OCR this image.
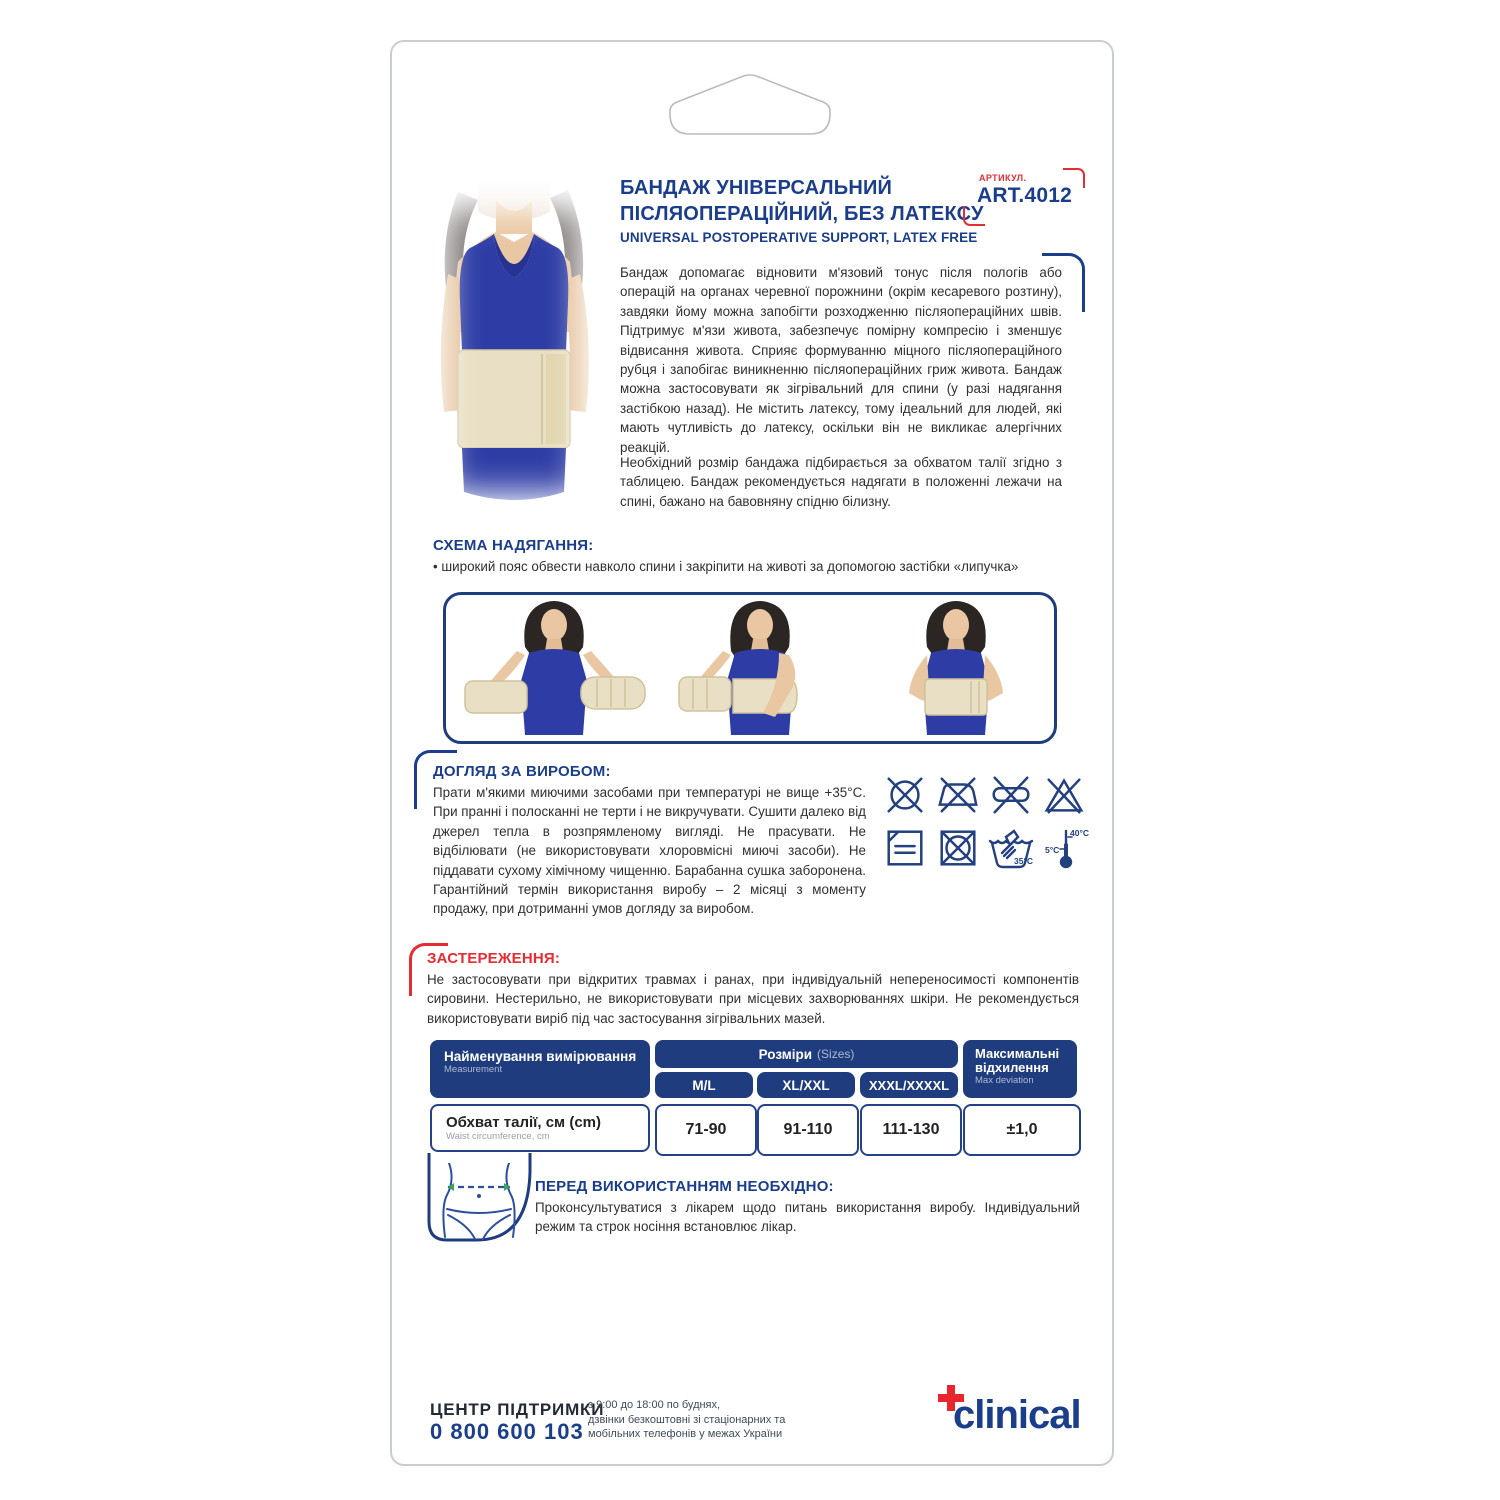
БАНДАЖ УНІВЕРСАЛЬНИЙ
ПІСЛЯОПЕРАЦІЙНИЙ, БЕЗ ЛАТЕКСУ
АРТИКУЛ.
ART.4012
UNIVERSAL POSTOPERATIVE SUPPORT, LATEX FREE
Бандаж допомагає відновити м'язовий тонус після пологів або операцій на органах черевної порожнини (окрім кесаревого розтину), завдяки йому можна запобігти розходженню післяопераційних швів. Підтримує м'язи живота, забезпечує помірну компресію і зменшує відвисання живота. Сприяє формуванню міцного післяопераційного рубця і запобігає виникненню післяопераційних гриж живота. Бандаж можна застосовувати як зігрівальний для спини (у разі надягання застібкою назад). Не містить латексу, тому ідеальний для людей, які мають чутливість до латексу, оскільки він не викликає алергічних реакцій.
Необхідний розмір бандажа підбирається за обхватом талії згідно з таблицею. Бандаж рекомендується надягати в положенні лежачи на спині, бажано на бавовняну спідню білизну.
СХЕМА НАДЯГАННЯ:
• широкий пояс обвести навколо спини і закріпити на животі за допомогою застібки «липучка»
ДОГЛЯД ЗА ВИРОБОМ:
Прати м'якими миючими засобами при температурі не вище +35°С. При пранні і полосканні не терти і не викручувати. Сушити далеко від джерел тепла в розпрямленому вигляді. Не прасувати. Не відбілювати (не використовувати хлоровмісні миючі засоби). Не піддавати сухому хімічному чищенню. Барабанна сушка заборонена. Гарантійний термін використання виробу – 2 місяці з моменту продажу, при дотриманні умов догляду за виробом.
35°C
5°C
40°C
ЗАСТЕРЕЖЕННЯ:
Не застосовувати при відкритих травмах і ранах, при індивідуальній непереносимості компонентів сировини. Нестерильно, не використовувати при місцевих захворюваннях шкіри. Не рекомендується використовувати виріб під час застосування зігрівальних мазей.
Найменування вимірювання
Measurement
Розміри (Sizes)
M/L	XL/XXL	XXXL/XXXXL
Максимальні
відхилення
Max deviation
Обхват талії, см (cm)
Waist circumference, cm	71-90	91-110	111-130	±1,0
ПЕРЕД ВИКОРИСТАННЯМ НЕОБХІДНО:
Проконсультуватися з лікарем щодо питань використання виробу. Індивідуальний режим та строк носіння встановлює лікар.
ЦЕНТР ПІДТРИМКИ
0 800 600 103
з 9:00 до 18:00 по буднях,
дзвінки безкоштовні зі стаціонарних та
мобільних телефонів у межах України	clinical
